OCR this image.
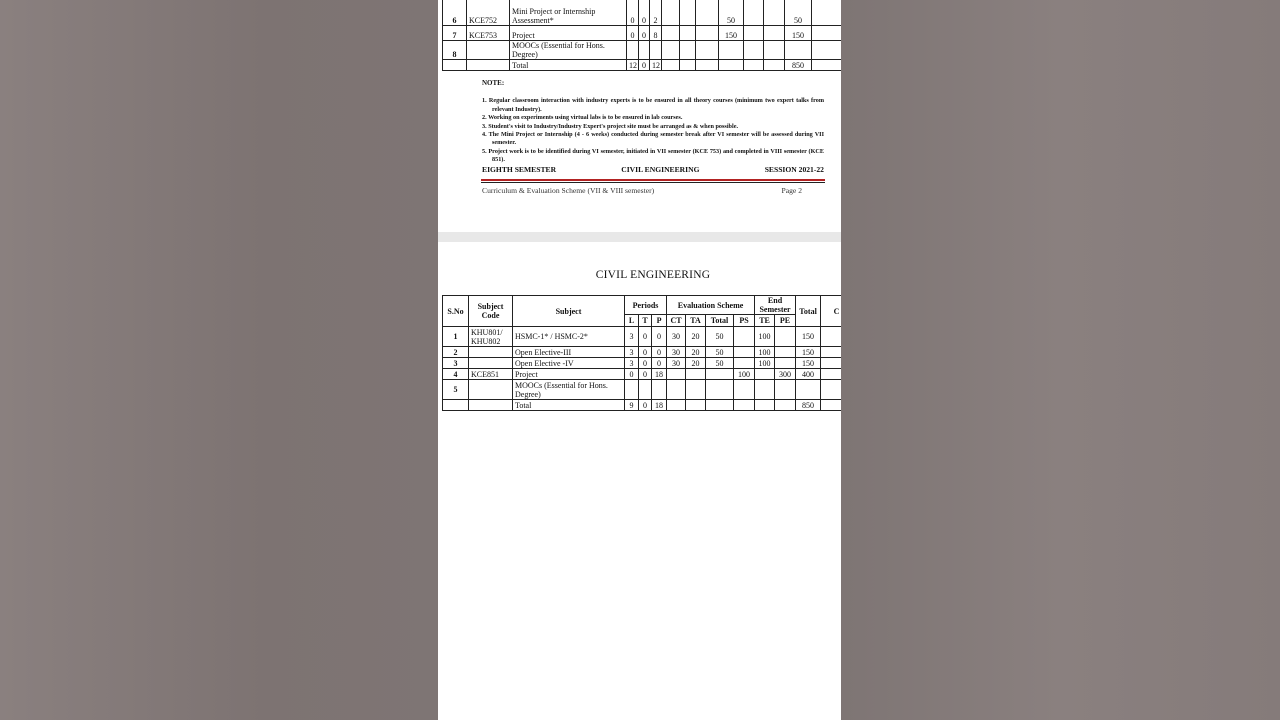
6	KCE752	Mini Project or Internship Assessment*	0	0	2				50			50	
7	KCE753	Project	0	0	8				150			150	
8		MOOCs (Essential for Hons. Degree)											
		Total	12	0	12							850	

NOTE:

1. Regular classroom interaction with industry experts is to be ensured in all theory courses (minimum two expert talks from relevant Industry).

2. Working on experiments using virtual labs is to be ensured in lab courses.

3. Student's visit to Industry/Industry Expert's project site must be arranged as & when possible.

4. The Mini Project or Internship (4 - 6 weeks) conducted during semester break after VI semester will be assessed during VII semester.

5. Project work is to be identified during VI semester, initiated in VII semester (KCE 753) and completed in VIII semester (KCE 851).

EIGHTH SEMESTER	CIVIL ENGINEERING	SESSION 2021-22
Curriculum & Evaluation Scheme (VII & VIII semester)	Page 2
CIVIL ENGINEERING
S.No	Subject Code	Subject	Periods			Evaluation Scheme				End Semester		Total	C
			L	T	P	CT	TA	Total	PS	TE	PE		
1	KHU801/ KHU802	HSMC-1* / HSMC-2*	3	0	0	30	20	50		100		150	
2		Open Elective-III	3	0	0	30	20	50		100		150	
3		Open Elective -IV	3	0	0	30	20	50		100		150	
4	KCE851	Project	0	0	18				100		300	400	
5		MOOCs (Essential for Hons. Degree)											
		Total	9	0	18							850	
